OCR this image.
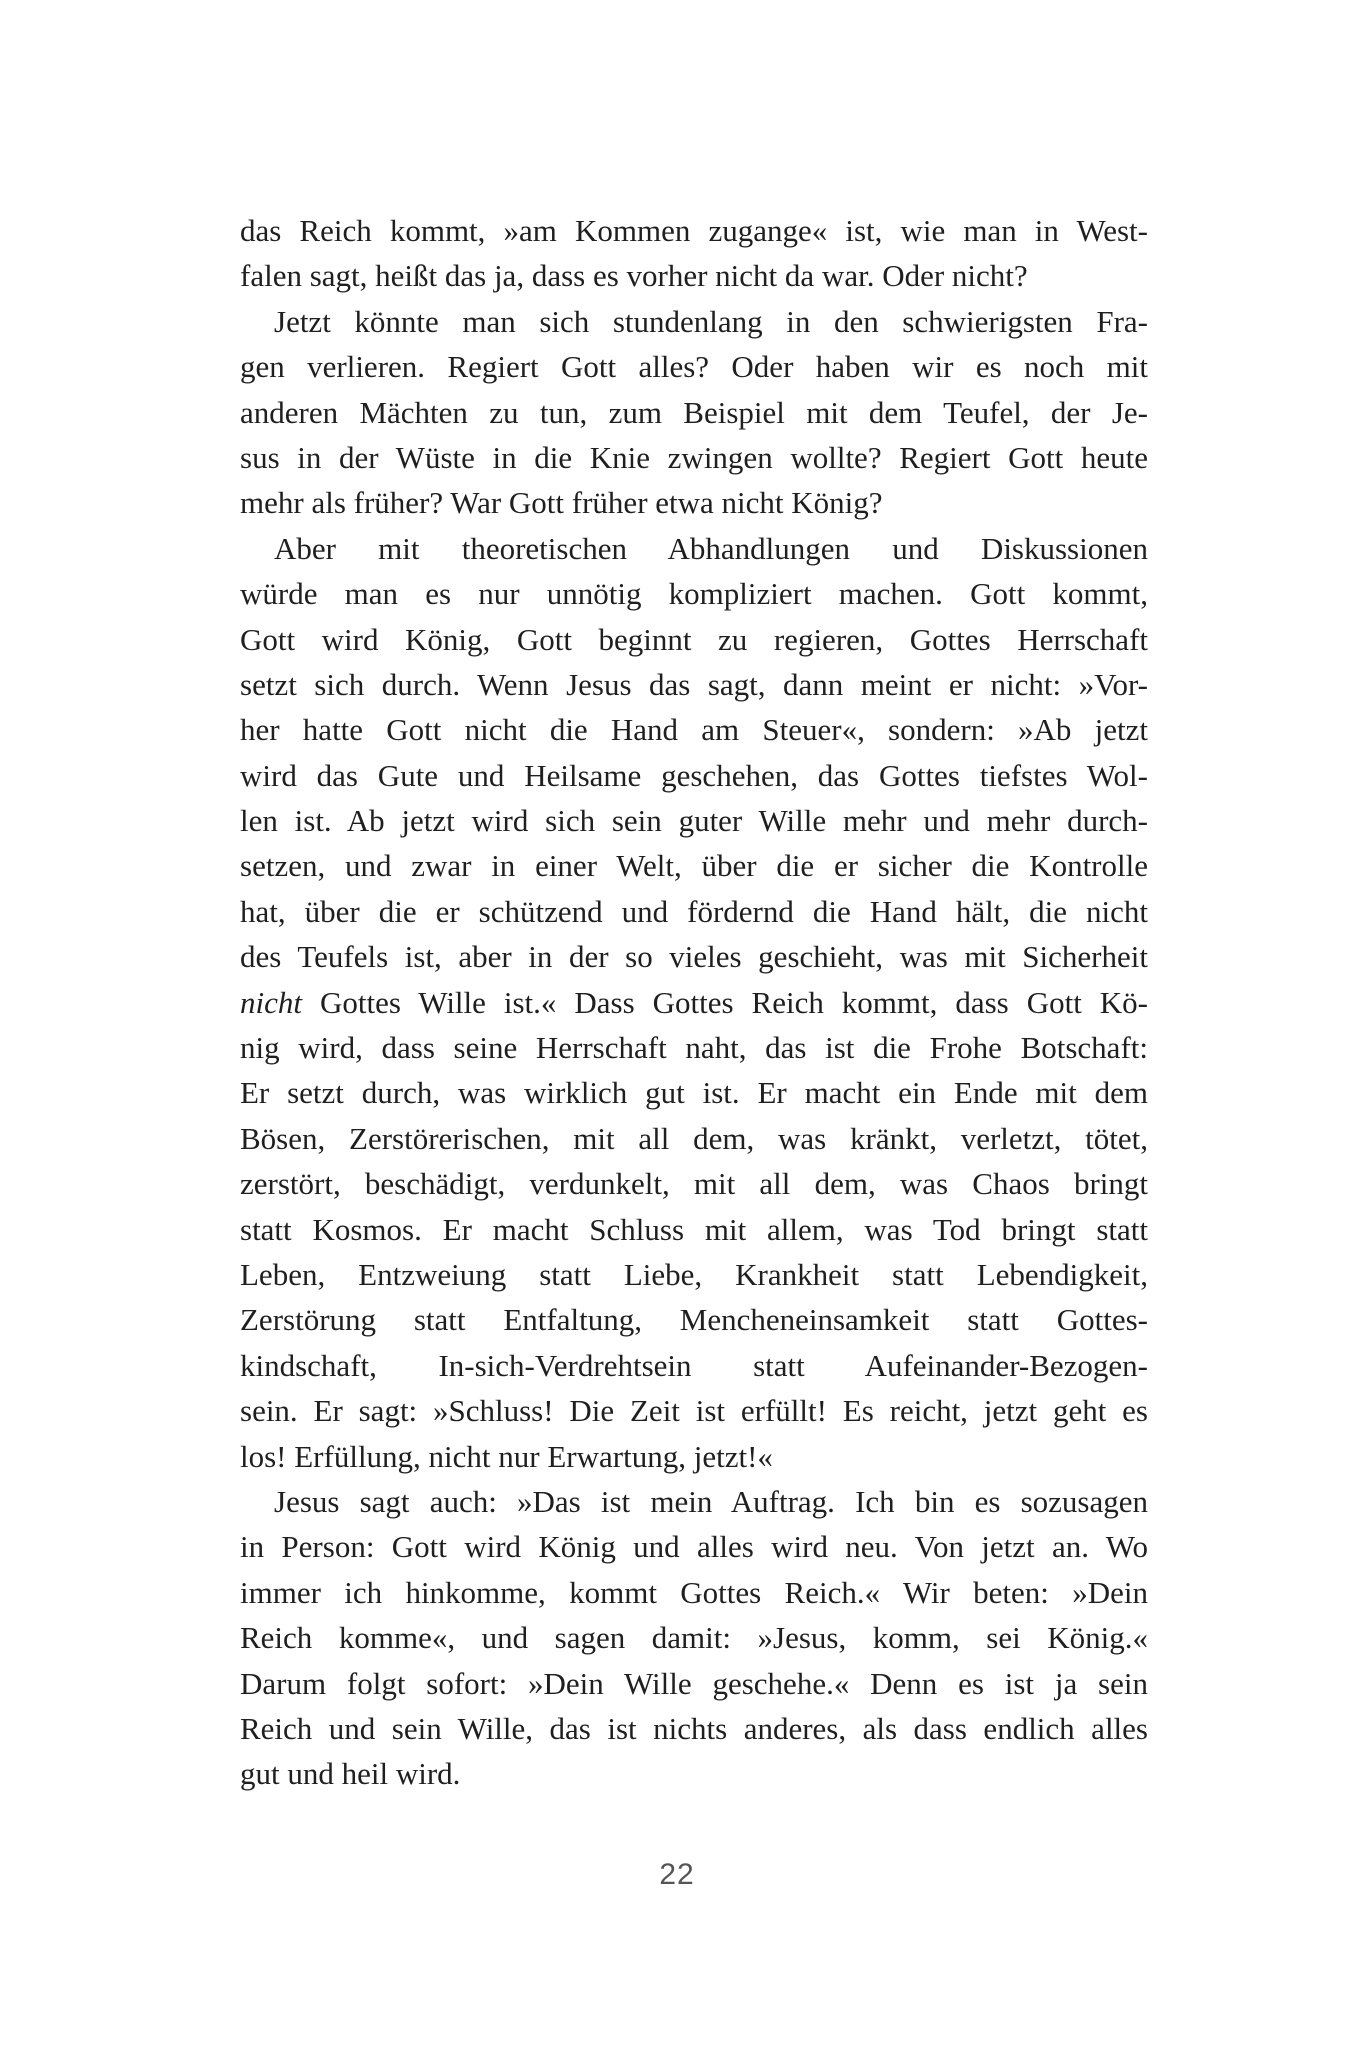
das Reich kommt, »am Kommen zugange« ist, wie man in West-
falen sagt, heißt das ja, dass es vorher nicht da war. Oder nicht?
Jetzt könnte man sich stundenlang in den schwierigsten Fra-
gen verlieren. Regiert Gott alles? Oder haben wir es noch mit
anderen Mächten zu tun, zum Beispiel mit dem Teufel, der Je-
sus in der Wüste in die Knie zwingen wollte? Regiert Gott heute
mehr als früher? War Gott früher etwa nicht König?
Aber mit theoretischen Abhandlungen und Diskussionen
würde man es nur unnötig kompliziert machen. Gott kommt,
Gott wird König, Gott beginnt zu regieren, Gottes Herrschaft
setzt sich durch. Wenn Jesus das sagt, dann meint er nicht: »Vor-
her hatte Gott nicht die Hand am Steuer«, sondern: »Ab jetzt
wird das Gute und Heilsame geschehen, das Gottes tiefstes Wol-
len ist. Ab jetzt wird sich sein guter Wille mehr und mehr durch-
setzen, und zwar in einer Welt, über die er sicher die Kontrolle
hat, über die er schützend und fördernd die Hand hält, die nicht
des Teufels ist, aber in der so vieles geschieht, was mit Sicherheit
nicht Gottes Wille ist.« Dass Gottes Reich kommt, dass Gott Kö-
nig wird, dass seine Herrschaft naht, das ist die Frohe Botschaft:
Er setzt durch, was wirklich gut ist. Er macht ein Ende mit dem
Bösen, Zerstörerischen, mit all dem, was kränkt, verletzt, tötet,
zerstört, beschädigt, verdunkelt, mit all dem, was Chaos bringt
statt Kosmos. Er macht Schluss mit allem, was Tod bringt statt
Leben, Entzweiung statt Liebe, Krankheit statt Lebendigkeit,
Zerstörung statt Entfaltung, Mencheneinsamkeit statt Gottes-
kindschaft, In-sich-Verdrehtsein statt Aufeinander-Bezogen-
sein. Er sagt: »Schluss! Die Zeit ist erfüllt! Es reicht, jetzt geht es
los! Erfüllung, nicht nur Erwartung, jetzt!«
Jesus sagt auch: »Das ist mein Auftrag. Ich bin es sozusagen
in Person: Gott wird König und alles wird neu. Von jetzt an. Wo
immer ich hinkomme, kommt Gottes Reich.« Wir beten: »Dein
Reich komme«, und sagen damit: »Jesus, komm, sei König.«
Darum folgt sofort: »Dein Wille geschehe.« Denn es ist ja sein
Reich und sein Wille, das ist nichts anderes, als dass endlich alles
gut und heil wird.
22
